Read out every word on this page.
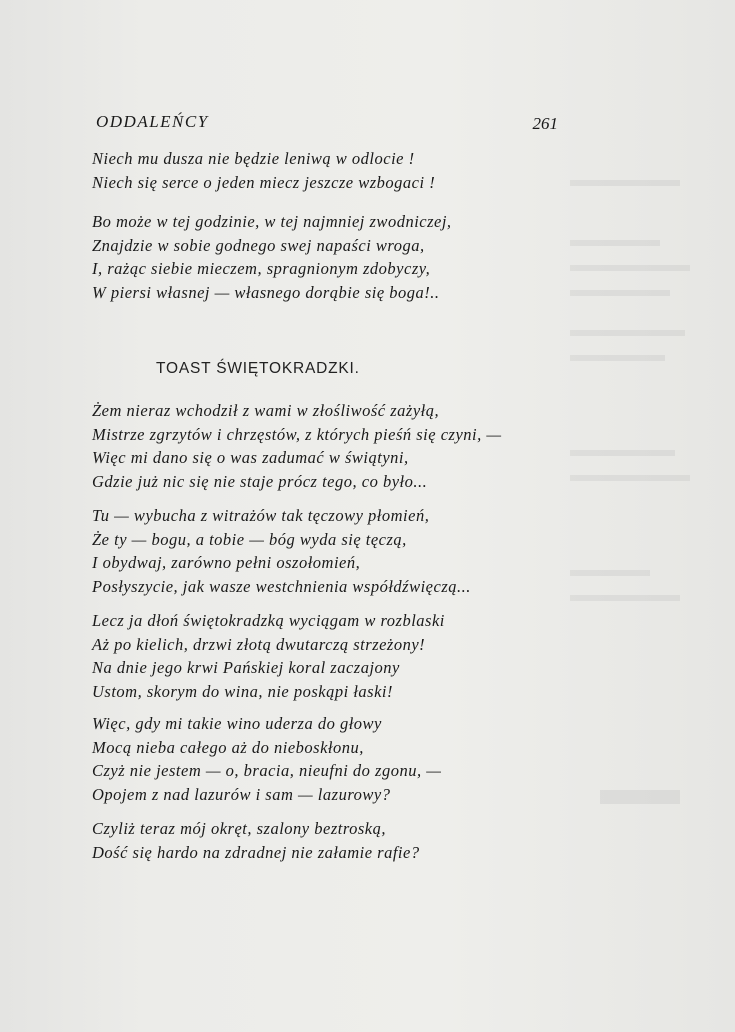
ODDALEŃCY	261
Niech mu dusza nie będzie leniwą w odlocie !
Niech się serce o jeden miecz jeszcze wzbogaci !
Bo może w tej godzinie, w tej najmniej zwodniczej,
Znajdzie w sobie godnego swej napaści wroga,
I, rażąc siebie mieczem, spragnionym zdobyczy,
W piersi własnej — własnego dorąbie się boga!..
TOAST ŚWIĘTOKRADZKI.
Żem nieraz wchodził z wami w złośliwość zażyłą,
Mistrze zgrzytów i chrzęstów, z których pieśń się czyni, —
Więc mi dano się o was zadumać w świątyni,
Gdzie już nic się nie staje prócz tego, co było...
Tu — wybucha z witrażów tak tęczowy płomień,
Że ty — bogu, a tobie — bóg wyda się tęczą,
I obydwaj, zarówno pełni oszołomień,
Posłyszycie, jak wasze westchnienia współdźwięczą...
Lecz ja dłoń świętokradzką wyciągam w rozblaski
Aż po kielich, drzwi złotą dwutarczą strzeżony!
Na dnie jego krwi Pańskiej koral zaczajony
Ustom, skorym do wina, nie poskąpi łaski!
Więc, gdy mi takie wino uderza do głowy
Mocą nieba całego aż do nieboskłonu,
Czyż nie jestem — o, bracia, nieufni do zgonu, —
Opojem z nad lazurów i sam — lazurowy?
Czyliż teraz mój okręt, szalony beztroską,
Dość się hardo na zdradnej nie załamie rafie?
